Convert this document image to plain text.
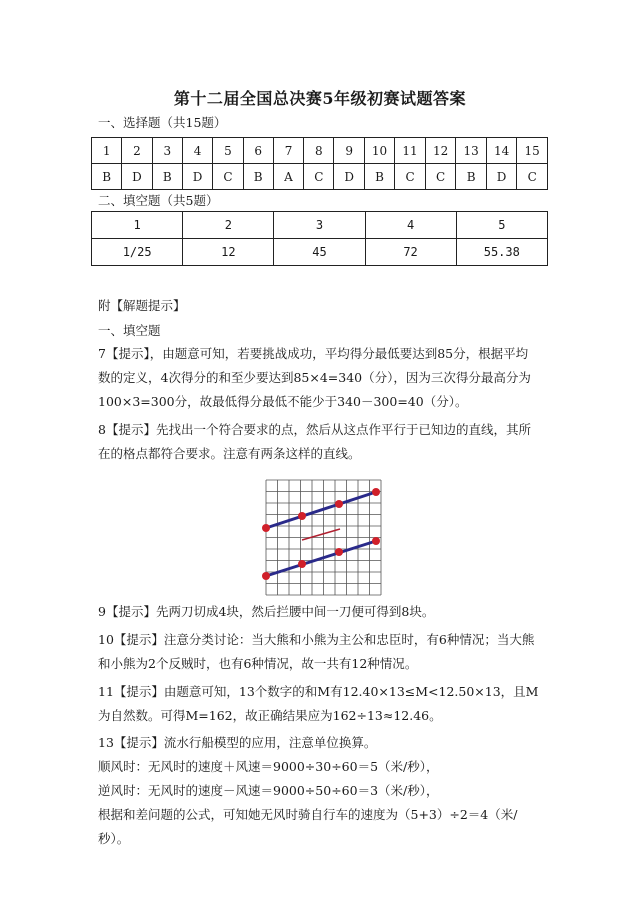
第十二届全国总决赛5年级初赛试题答案
一、选择题（共15题）
1	2	3	4	5	6	7	8	9	10	11	12	13	14	15
B	D	B	D	C	B	A	C	D	B	C	C	B	D	C
二、填空题（共5题）
1	2	3	4	5
1/25	12	45	72	55.38
附【解题提示】
一、填空题
7【提示】，由题意可知，若要挑战成功，平均得分最低要达到85分，根据平均
数的定义，4次得分的和至少要达到85×4=340（分），因为三次得分最高分为
100×3=300分，故最低得分最低不能少于340－300=40（分）。
8【提示】先找出一个符合要求的点，然后从这点作平行于已知边的直线，其所
在的格点都符合要求。注意有两条这样的直线。
9【提示】先两刀切成4块，然后拦腰中间一刀便可得到8块。
10【提示】注意分类讨论：当大熊和小熊为主公和忠臣时，有6种情况；当大熊
和小熊为2个反贼时，也有6种情况，故一共有12种情况。
11【提示】由题意可知，13个数字的和M有12.40×13≤M<12.50×13，且M
为自然数。可得M=162，故正确结果应为162÷13≈12.46。
13【提示】流水行船模型的应用，注意单位换算。
顺风时：无风时的速度＋风速＝9000÷30÷60＝5（米/秒），
逆风时：无风时的速度－风速＝9000÷50÷60＝3（米/秒），
根据和差问题的公式，可知她无风时骑自行车的速度为（5+3）÷2＝4（米/秒）。
